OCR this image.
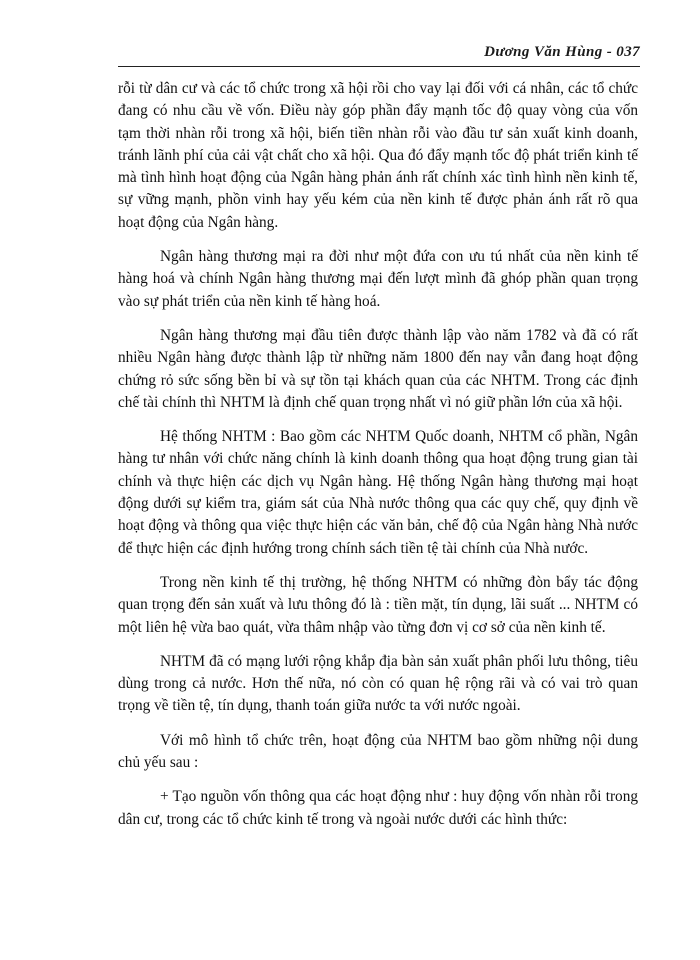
Dương Văn Hùng - 037

rỗi từ dân cư và các tổ chức trong xã hội rồi cho vay lại đối với cá nhân, các tổ chức đang có nhu cầu về vốn. Điều này góp phần đẩy mạnh tốc độ quay vòng của vốn tạm thời nhàn rỗi trong xã hội, biến tiền nhàn rỗi vào đầu tư sản xuất kinh doanh, tránh lãnh phí của cải vật chất cho xã hội. Qua đó đẩy mạnh tốc độ phát triển kinh tế mà tình hình hoạt động của Ngân hàng phản ánh rất chính xác tình hình nền kinh tế, sự vững mạnh, phồn vinh hay yếu kém của nền kinh tế được phản ánh rất rõ qua hoạt động của Ngân hàng.

Ngân hàng thương mại ra đời như một đứa con ưu tú nhất của nền kinh tế hàng hoá và chính Ngân hàng thương mại đến lượt mình đã ghóp phần quan trọng vào sự phát triển của nền kinh tế hàng hoá.

Ngân hàng thương mại đầu tiên được thành lập vào năm 1782 và đã có rất nhiều Ngân hàng được thành lập từ những năm 1800 đến nay vẫn đang hoạt động chứng rỏ sức sống bền bỉ và sự tồn tại khách quan của các NHTM. Trong các định chế tài chính thì NHTM là định chế quan trọng nhất vì nó giữ phần lớn của xã hội.

Hệ thống NHTM : Bao gồm các NHTM Quốc doanh, NHTM cổ phần, Ngân hàng tư nhân với chức năng chính là kinh doanh thông qua hoạt động trung gian tài chính và thực hiện các dịch vụ Ngân hàng. Hệ thống Ngân hàng thương mại hoạt động dưới sự kiểm tra, giám sát của Nhà nước thông qua các quy chế, quy định về hoạt động và thông qua việc thực hiện các văn bản, chế độ của Ngân hàng Nhà nước để thực hiện các định hướng trong chính sách tiền tệ tài chính của Nhà nước.

Trong nền kinh tế thị trường, hệ thống NHTM có những đòn bẩy tác động quan trọng đến sản xuất và lưu thông đó là : tiền mặt, tín dụng, lãi suất ... NHTM có một liên hệ vừa bao quát, vừa thâm nhập vào từng đơn vị cơ sở của nền kinh tế.

NHTM đã có mạng lưới rộng khắp địa bàn sản xuất phân phối lưu thông, tiêu dùng trong cả nước. Hơn thế nữa, nó còn có quan hệ rộng rãi và có vai trò quan trọng về tiền tệ, tín dụng, thanh toán giữa nước ta với nước ngoài.

Với mô hình tổ chức trên, hoạt động của NHTM bao gồm những nội dung chủ yếu sau :

+ Tạo nguồn vốn thông qua các hoạt động như : huy động vốn nhàn rỗi trong dân cư, trong các tổ chức kinh tế trong và ngoài nước dưới các hình thức:
